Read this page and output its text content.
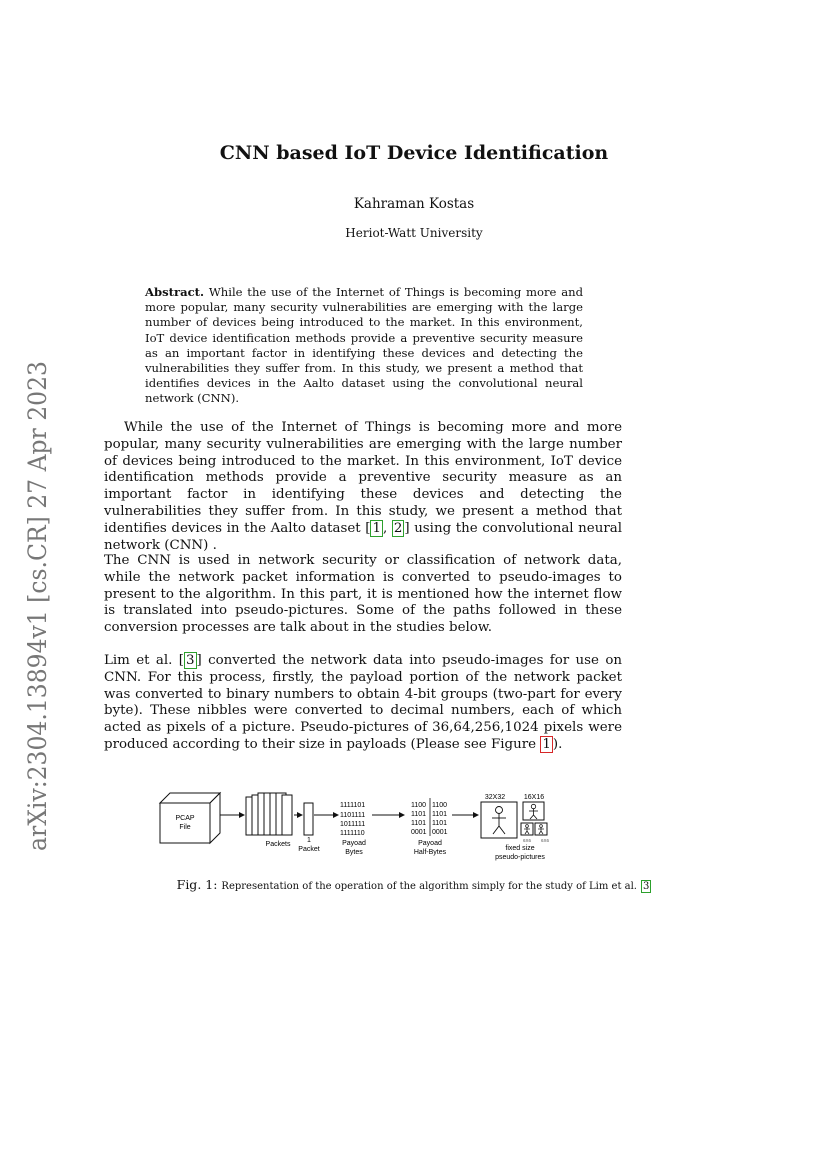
arXiv:2304.13894v1 [cs.CR] 27 Apr 2023
CNN based IoT Device Identification
Kahraman Kostas
Heriot-Watt University
Abstract. While the use of the Internet of Things is becoming more and more popular, many security vulnerabilities are emerging with the large number of devices being introduced to the market. In this environment, IoT device identification methods provide a preventive security measure as an important factor in identifying these devices and detecting the vulnerabilities they suffer from. In this study, we present a method that identifies devices in the Aalto dataset using the convolutional neural network (CNN).
While the use of the Internet of Things is becoming more and more popular, many security vulnerabilities are emerging with the large number of devices being introduced to the market. In this environment, IoT device identification methods provide a preventive security measure as an important factor in identifying these devices and detecting the vulnerabilities they suffer from. In this study, we present a method that identifies devices in the Aalto dataset [ 1 , 2 ] using the convolutional neural network (CNN) .
The CNN is used in network security or classification of network data, while the network packet information is converted to pseudo-images to present to the algorithm. In this part, it is mentioned how the internet flow is translated into pseudo-pictures. Some of the paths followed in these conversion processes are talk about in the studies below.
Lim et al. [ 3 ] converted the network data into pseudo-images for use on CNN. For this process, firstly, the payload portion of the network packet was converted to binary numbers to obtain 4-bit groups (two-part for every byte). These nibbles were converted to decimal numbers, each of which acted as pixels of a picture. Pseudo-pictures of 36,64,256,1024 pixels were produced according to their size in payloads (Please see Figure 1 ).
PCAP
File
Packets
1
Packet
1111101
1101111
1011111
1111110
Payoad
Bytes
1100
1101
1101
0001
1100
1101
1101
0001
Payoad
Half-Bytes
32X32	16X16
6X6 6X6
fixed size
pseudo-pictures
Fig. 1: Representation of the operation of the algorithm simply for the study of Lim et al. 3
